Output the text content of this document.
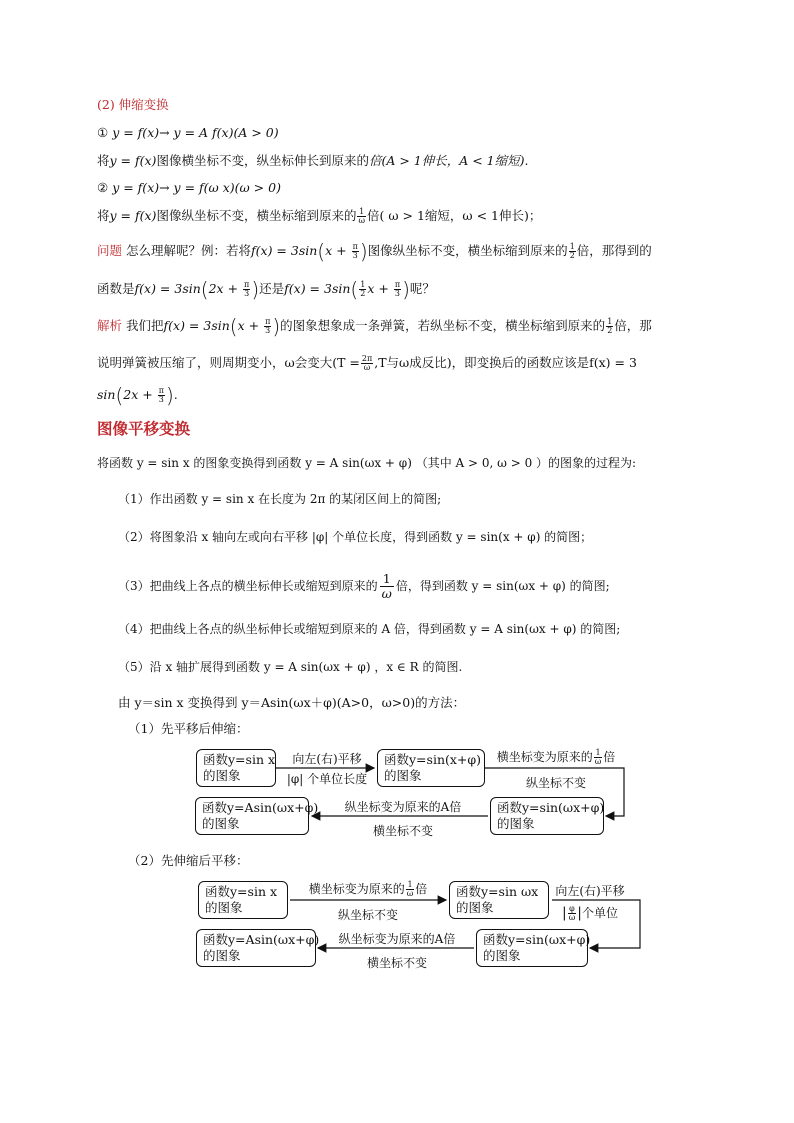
(2) 伸缩变换
① y = f(x)→ y = A f(x)(A > 0)
将y = f(x)图像横坐标不变，纵坐标伸长到原来的倍(A > 1伸长，A < 1缩短).
② y = f(x)→ y = f(ω x)(ω > 0)
将y = f(x)图像纵坐标不变，横坐标缩到原来的 $\frac{1}{\omega}$ 倍( ω > 1缩短，ω < 1伸长)；
问题 怎么理解呢？例：若将$f(x) = 3\sin(x + \frac{\pi}{3}$ )图像纵坐标不变，横坐标缩到原来的 $\frac{1}{2}$ 倍，那得到的
函数是$f(x) = 3\sin(2x + \frac{\pi}{3}$ )还是$f(x) = 3\sin( \frac{1}{2}$ $x + \frac{\pi}{3}$ )呢？
解析 我们把$f(x) = 3\sin(x + \frac{\pi}{3}$ )的图象想象成一条弹簧，若纵坐标不变，横坐标缩到原来的 $\frac{1}{2}$ 倍，那
说明弹簧被压缩了，则周期变小，ω会变大($T = \frac{2\pi}{\omega} ,T$与ω成反比)，即变换后的函数应该是f(x) = 3
$\sin(2x + \frac{\pi}{3}$ ).
图像平移变换
将函数 y = sin x 的图象变换得到函数 y = A sin(ωx + φ) （其中 A > 0, ω > 0 ）的图象的过程为:
（1）作出函数 y = sin x 在长度为 2π 的某闭区间上的简图;
（2）将图象沿 x 轴向左或向右平移 |φ| 个单位长度，得到函数 y = sin(x + φ) 的简图；
（3）把曲线上各点的横坐标伸长或缩短到原来的 $\frac{1}{\omega}$ 倍，得到函数 y = sin(ωx + φ) 的简图;
（4）把曲线上各点的纵坐标伸长或缩短到原来的 A 倍，得到函数 y = A sin(ωx + φ) 的简图;
（5）沿 x 轴扩展得到函数 y = A sin(ωx + φ) ，x ∈ R 的简图.
由 y＝sin x 变换得到 y＝Asin(ωx＋φ)(A>0，ω>0)的方法：
（1）先平移后伸缩：
函数y=sin x
的图象
向左(右)平移
|φ| 个单位长度
函数y=sin(x+φ)
的图象
横坐标变为原来的 $\frac{1}{\omega}$ 倍
纵坐标不变
函数y=sin(ωx+φ)
的图象
纵坐标变为原来的A倍
横坐标不变
函数y=Asin(ωx+φ)
的图象
（2）先伸缩后平移：
函数y=sin x
的图象
横坐标变为原来的 $\frac{1}{\omega}$ 倍
纵坐标不变
函数y=sin ωx
的图象
向左(右)平移
| $\frac{\varphi}{\omega}$ |个单位
函数y=sin(ωx+φ)
的图象
纵坐标变为原来的A倍
横坐标不变
函数y=Asin(ωx+φ)
的图象
